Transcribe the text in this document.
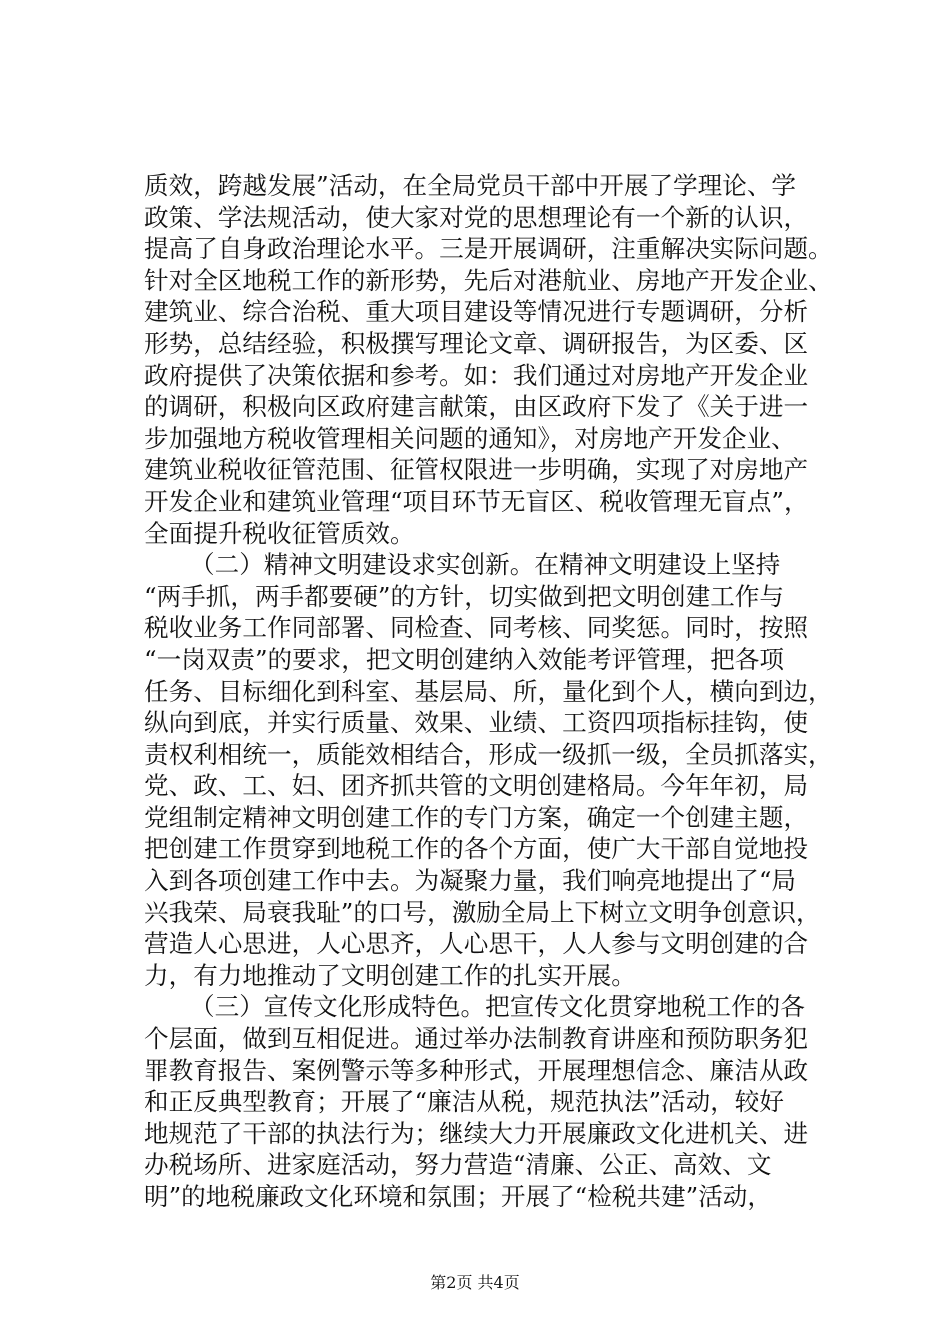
质效，跨越发展”活动，在全局党员干部中开展了学理论、学
政策、学法规活动，使大家对党的思想理论有一个新的认识，
提高了自身政治理论水平。三是开展调研，注重解决实际问题。
针对全区地税工作的新形势，先后对港航业、房地产开发企业、
建筑业、综合治税、重大项目建设等情况进行专题调研，分析
形势，总结经验，积极撰写理论文章、调研报告，为区委、区
政府提供了决策依据和参考。如：我们通过对房地产开发企业
的调研，积极向区政府建言献策，由区政府下发了《关于进一
步加强地方税收管理相关问题的通知》，对房地产开发企业、
建筑业税收征管范围、征管权限进一步明确，实现了对房地产
开发企业和建筑业管理“项目环节无盲区、税收管理无盲点”，
全面提升税收征管质效。
（二）精神文明建设求实创新。在精神文明建设上坚持
“两手抓，两手都要硬”的方针，切实做到把文明创建工作与
税收业务工作同部署、同检查、同考核、同奖惩。同时，按照
“一岗双责”的要求，把文明创建纳入效能考评管理，把各项
任务、目标细化到科室、基层局、所，量化到个人，横向到边，
纵向到底，并实行质量、效果、业绩、工资四项指标挂钩，使
责权利相统一，质能效相结合，形成一级抓一级，全员抓落实，
党、政、工、妇、团齐抓共管的文明创建格局。今年年初，局
党组制定精神文明创建工作的专门方案，确定一个创建主题，
把创建工作贯穿到地税工作的各个方面，使广大干部自觉地投
入到各项创建工作中去。为凝聚力量，我们响亮地提出了“局
兴我荣、局衰我耻”的口号，激励全局上下树立文明争创意识，
营造人心思进，人心思齐，人心思干，人人参与文明创建的合
力，有力地推动了文明创建工作的扎实开展。
（三）宣传文化形成特色。把宣传文化贯穿地税工作的各
个层面，做到互相促进。通过举办法制教育讲座和预防职务犯
罪教育报告、案例警示等多种形式，开展理想信念、廉洁从政
和正反典型教育；开展了“廉洁从税，规范执法”活动，较好
地规范了干部的执法行为；继续大力开展廉政文化进机关、进
办税场所、进家庭活动，努力营造“清廉、公正、高效、文
明”的地税廉政文化环境和氛围；开展了“检税共建”活动，
第2页 共4页
